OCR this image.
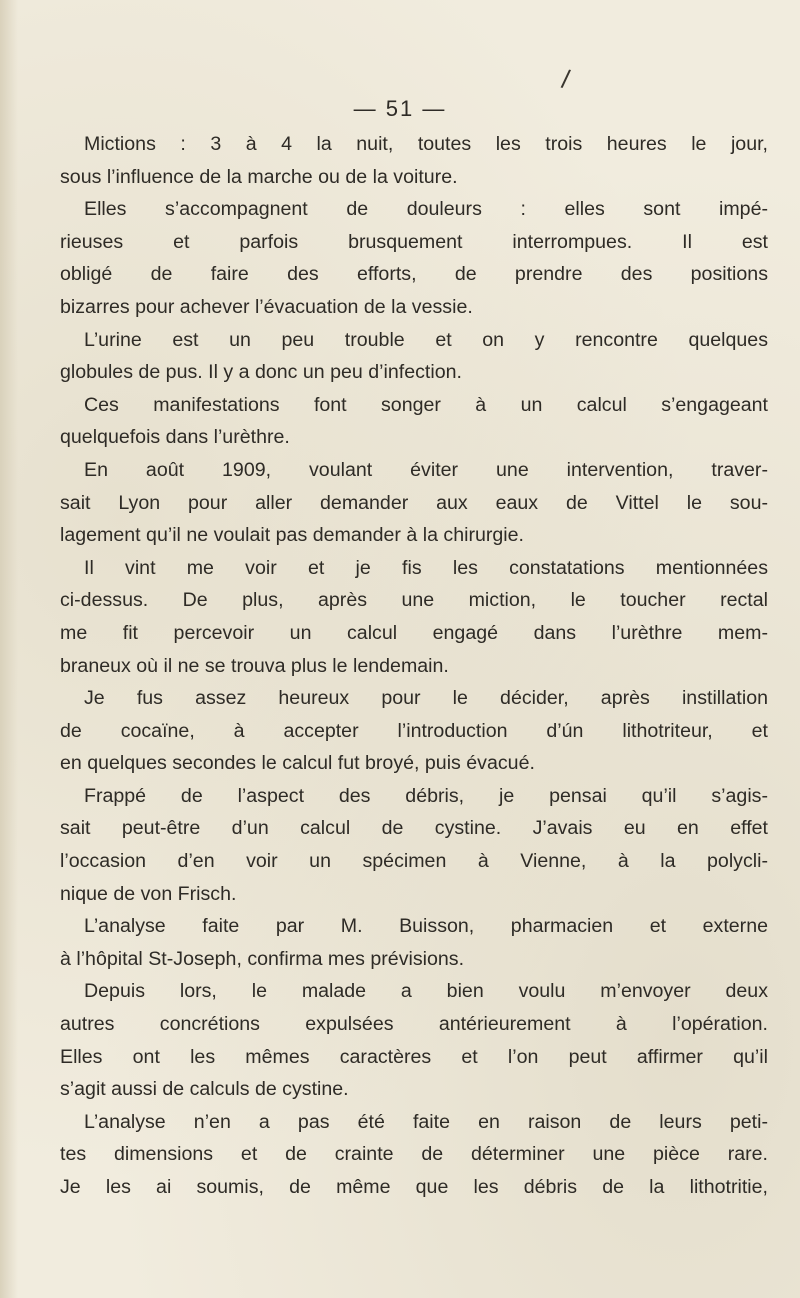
/
— 51 —
Mictions : 3 à 4 la nuit, toutes les trois heures le jour,
sous l’influence de la marche ou de la voiture.
Elles s’accompagnent de douleurs : elles sont impé-
rieuses et parfois brusquement interrompues. Il est
obligé de faire des efforts, de prendre des positions
bizarres pour achever l’évacuation de la vessie.
L’urine est un peu trouble et on y rencontre quelques
globules de pus. Il y a donc un peu d’infection.
Ces manifestations font songer à un calcul s’engageant
quelquefois dans l’urèthre.
En août 1909, voulant éviter une intervention, traver-
sait Lyon pour aller demander aux eaux de Vittel le sou-
lagement qu’il ne voulait pas demander à la chirurgie.
Il vint me voir et je fis les constatations mentionnées
ci-dessus. De plus, après une miction, le toucher rectal
me fit percevoir un calcul engagé dans l’urèthre mem-
braneux où il ne se trouva plus le lendemain.
Je fus assez heureux pour le décider, après instillation
de cocaïne, à accepter l’introduction d’ún lithotriteur, et
en quelques secondes le calcul fut broyé, puis évacué.
Frappé de l’aspect des débris, je pensai qu’il s’agis-
sait peut-être d’un calcul de cystine. J’avais eu en effet
l’occasion d’en voir un spécimen à Vienne, à la polycli-
nique de von Frisch.
L’analyse faite par M. Buisson, pharmacien et externe
à l’hôpital St-Joseph, confirma mes prévisions.
Depuis lors, le malade a bien voulu m’envoyer deux
autres concrétions expulsées antérieurement à l’opération.
Elles ont les mêmes caractères et l’on peut affirmer qu’il
s’agit aussi de calculs de cystine.
L’analyse n’en a pas été faite en raison de leurs peti-
tes dimensions et de crainte de déterminer une pièce rare.
Je les ai soumis, de même que les débris de la lithotritie,
